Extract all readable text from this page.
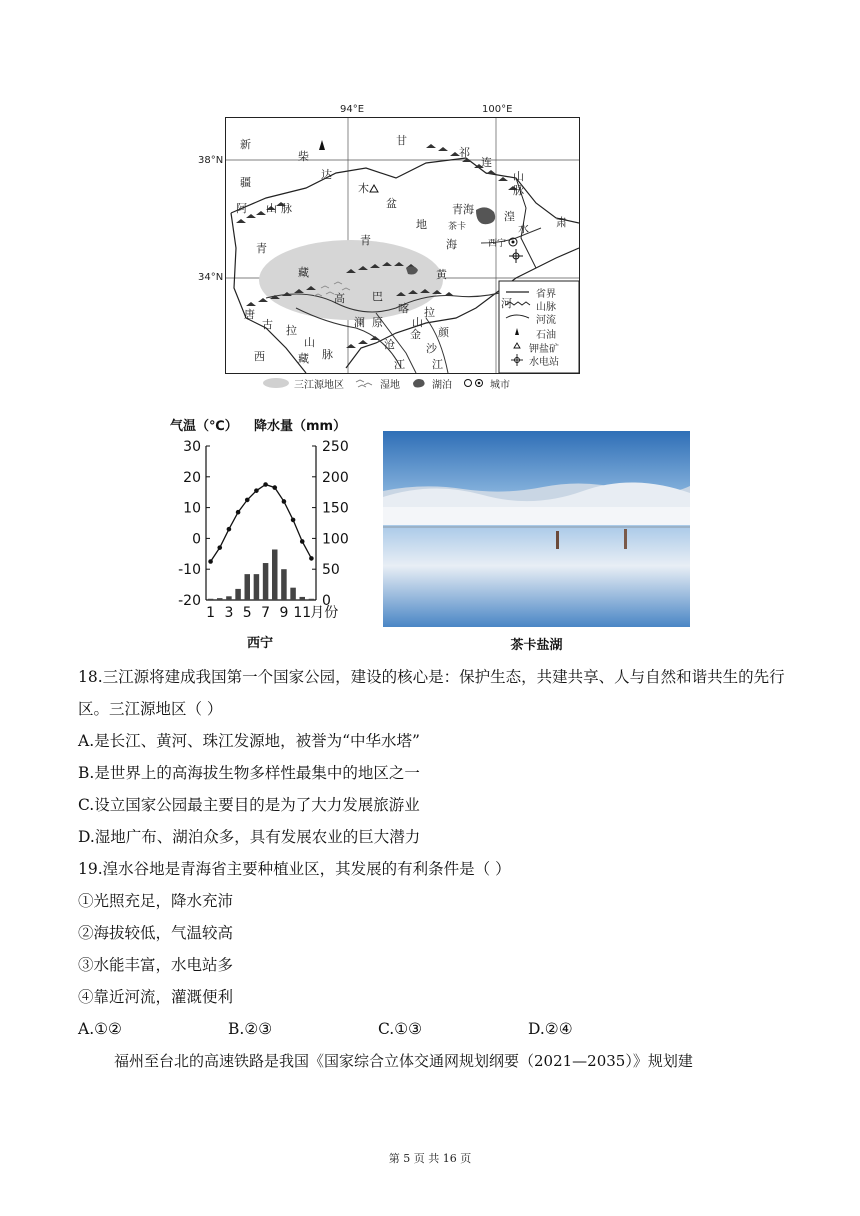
94°E	100°E
38°N
34°N
新
疆
柴
达
木
盆
地
甘
祁
连
山
脉
阿 山 脉	青海
茶卡
海	西宁
湟
水 肃
青
青
藏	黄
河
高 巴
喀 拉
山
金
澜 原
唐
古 拉
山
脉
西	藏
沧
江
沙
江
颜
省界
山脉
河流
石油
钾盐矿
水电站
三江源地区	湿地	湖泊	城市
气温（℃） 降水量（mm）
30
20
10
0
-10
-20
250
200
150
100
50
0
1 3 5 7 9 11 月份
西宁	茶卡盐湖
18.三江源将建成我国第一个国家公园，建设的核心是：保护生态，共建共享、人与自然和谐共生的先行区。三江源地区（ ）
A.是长江、黄河、珠江发源地，被誉为“中华水塔”
B.是世界上的高海拔生物多样性最集中的地区之一
C.设立国家公园最主要目的是为了大力发展旅游业
D.湿地广布、湖泊众多，具有发展农业的巨大潜力
19.湟水谷地是青海省主要种植业区，其发展的有利条件是（ ）
①光照充足，降水充沛
②海拔较低，气温较高
③水能丰富，水电站多
④靠近河流，灌溉便利
A.①②	B.②③	C.①③	D.②④
福州至台北的高速铁路是我国《国家综合立体交通网规划纲要（2021—2035）》规划建
第 5 页 共 16 页
